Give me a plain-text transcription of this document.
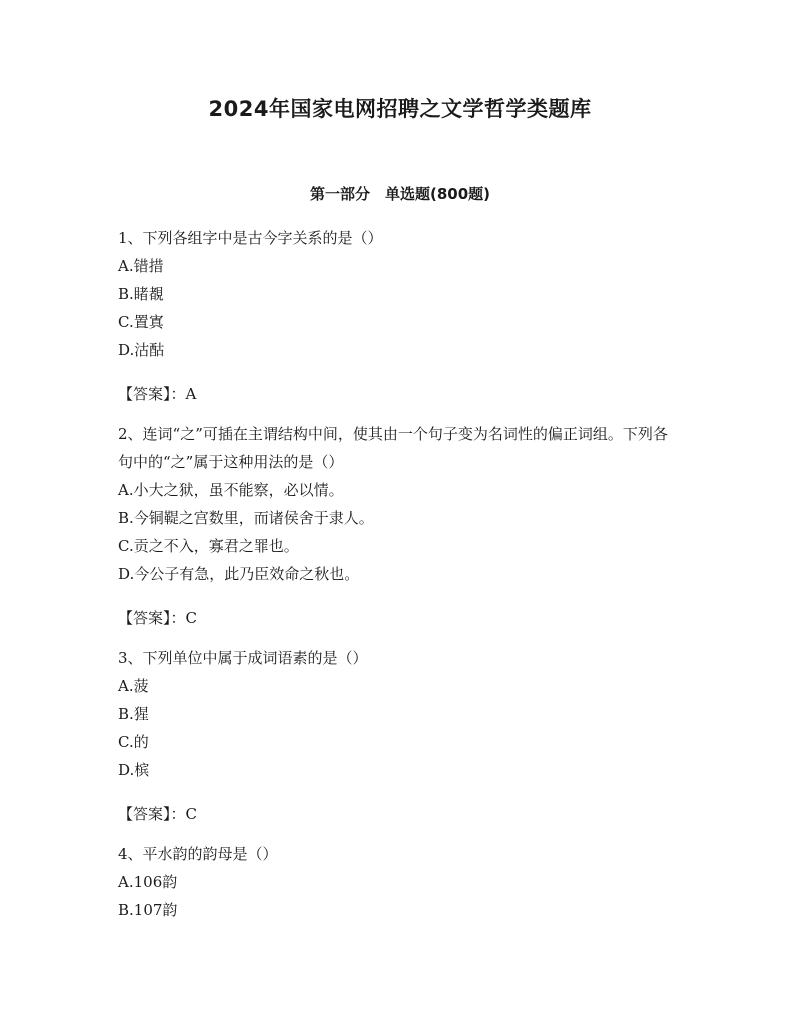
2024年国家电网招聘之文学哲学类题库
第一部分　单选题(800题)

1、下列各组字中是古今字关系的是（）

A.错措

B.睹覩

C.置寘

D.沽酤

【答案】：A

2、连词“之”可插在主谓结构中间，使其由一个句子变为名词性的偏正词组。下列各句中的“之”属于这种用法的是（）

A.小大之狱，虽不能察，必以情。

B.今铜鞮之宫数里，而诸侯舍于隶人。

C.贡之不入，寡君之罪也。

D.今公子有急，此乃臣效命之秋也。

【答案】：C

3、下列单位中属于成词语素的是（）

A.菠

B.猩

C.的

D.槟

【答案】：C

4、平水韵的韵母是（）

A.106韵

B.107韵
